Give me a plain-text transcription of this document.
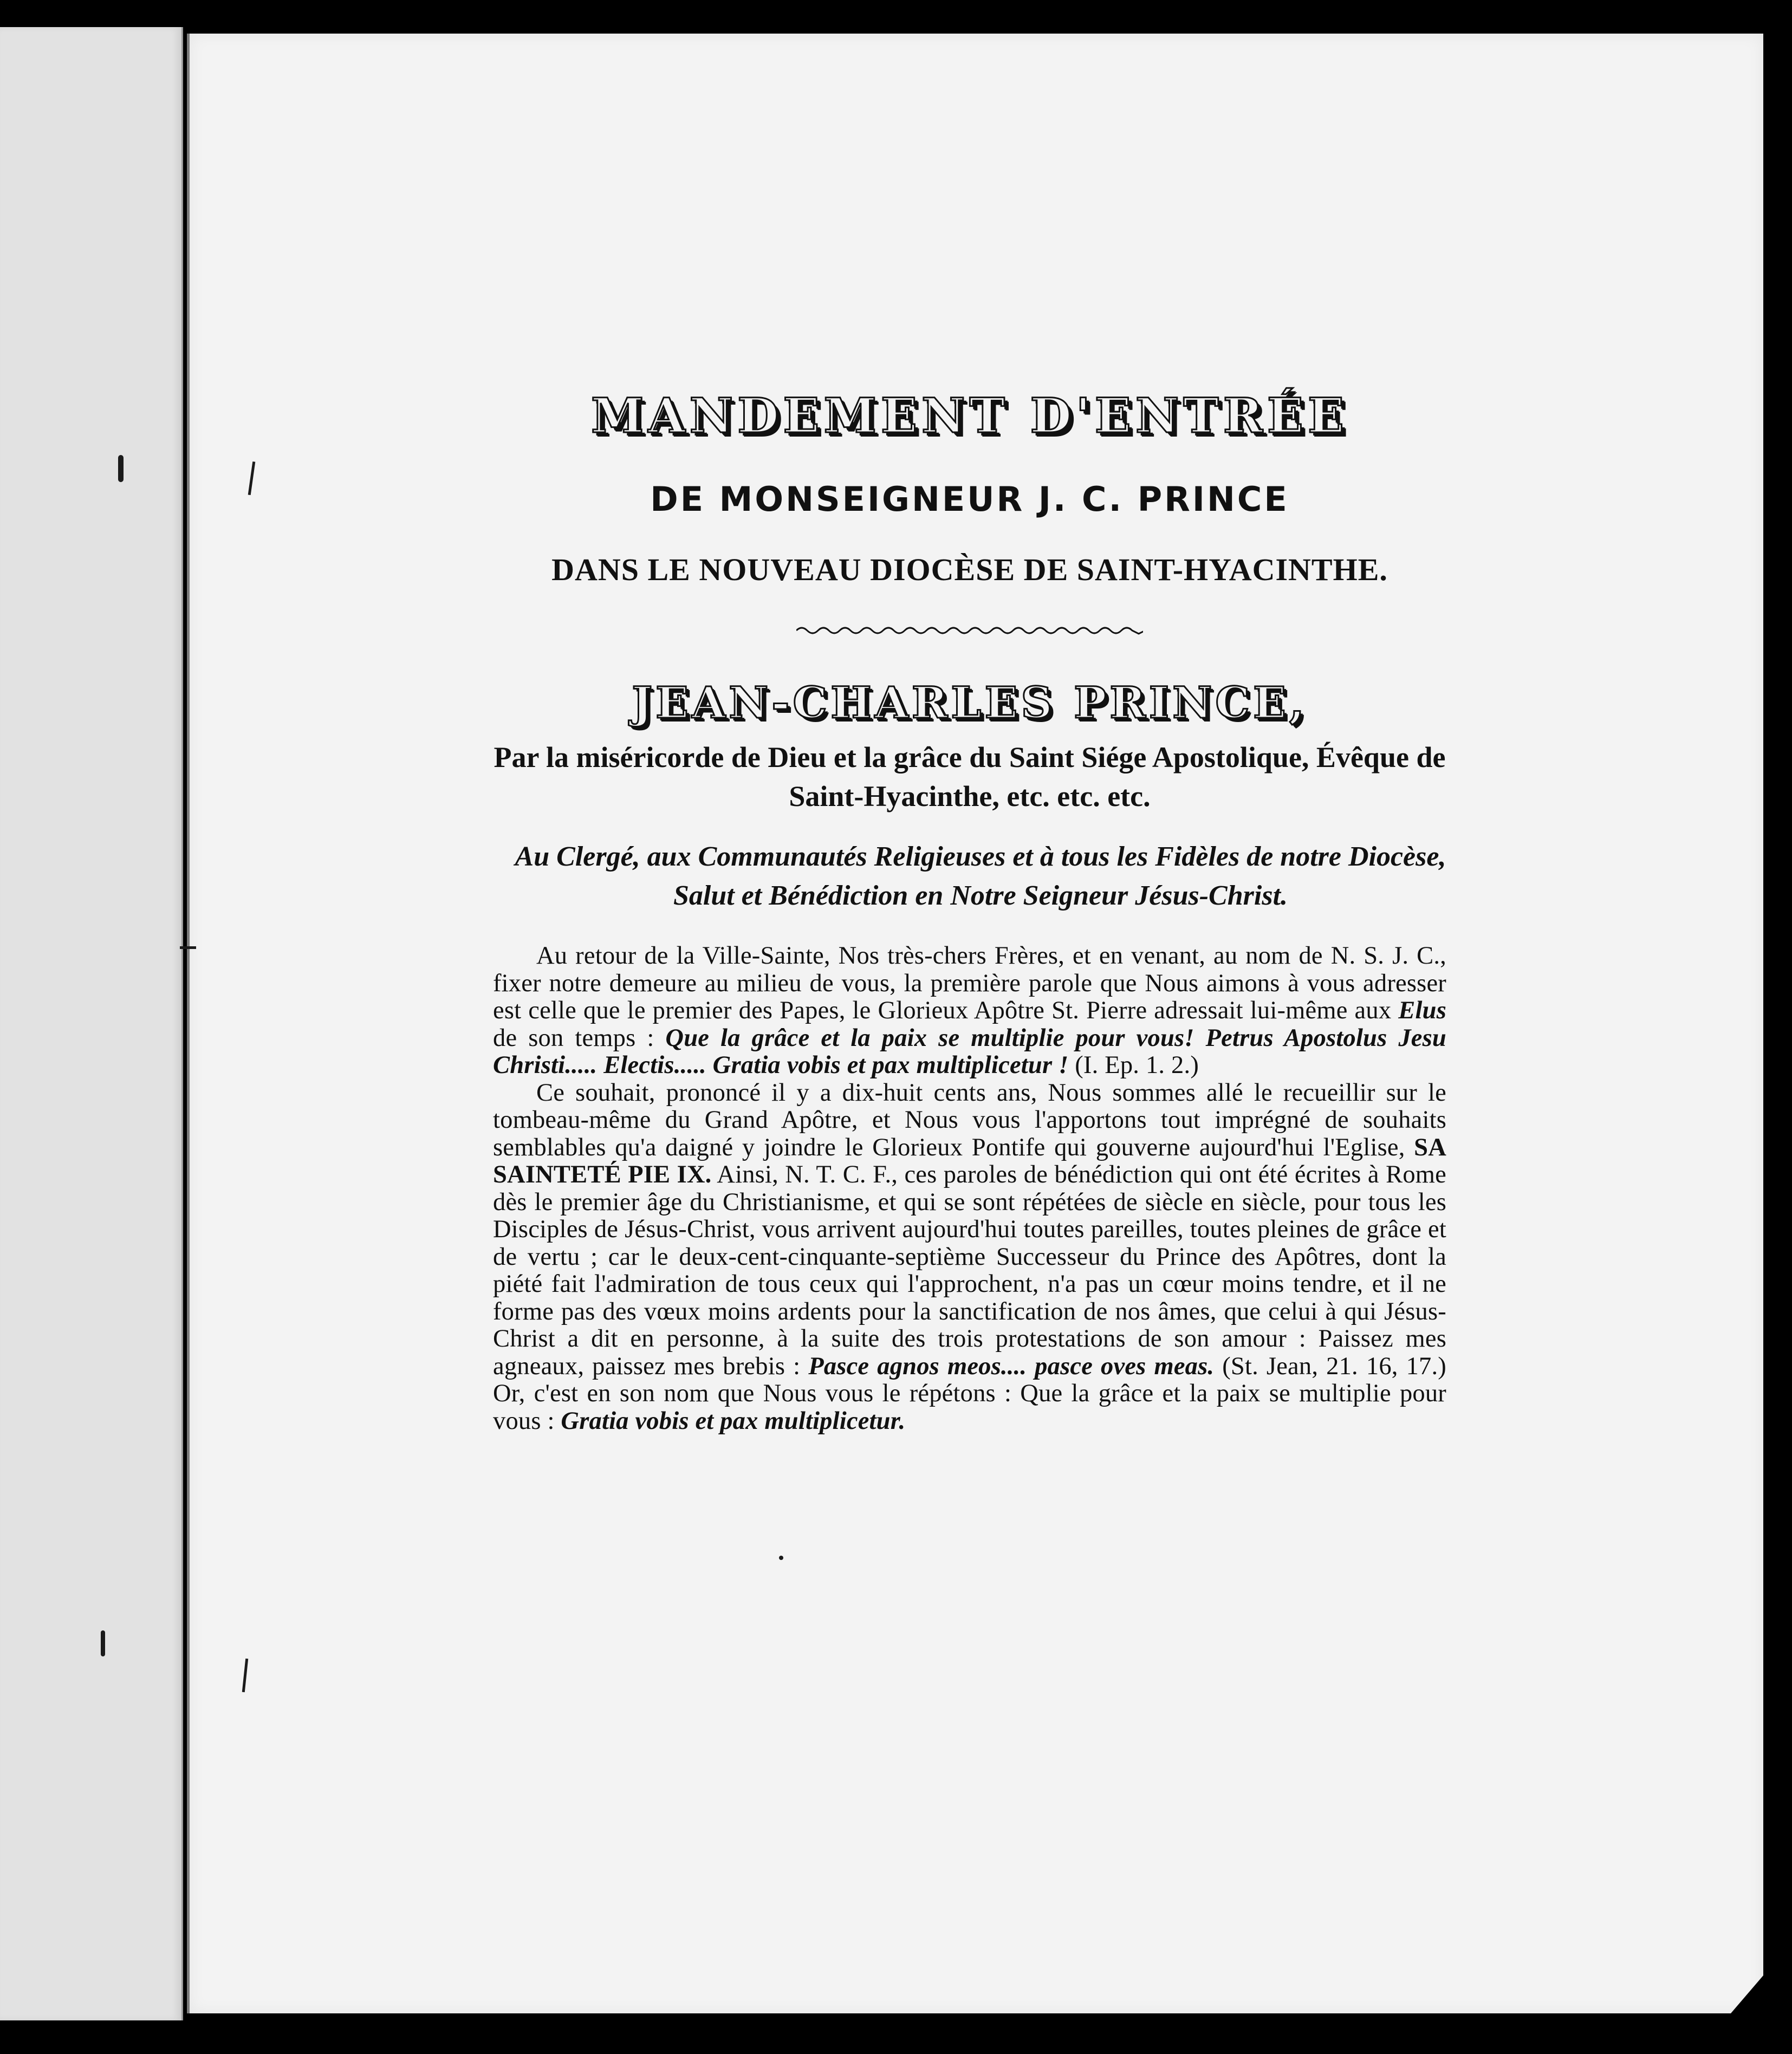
MANDEMENT D'ENTRÉE
DE MONSEIGNEUR J. C. PRINCE
DANS LE NOUVEAU DIOCÈSE DE SAINT-HYACINTHE.
JEAN-CHARLES PRINCE,
Par la miséricorde de Dieu et la grâce du Saint Siége Apostolique, Évêque de Saint-Hyacinthe, etc. etc. etc.
Au Clergé, aux Communautés Religieuses et à tous les Fidèles de notre Diocèse, Salut et Bénédiction en Notre Seigneur Jésus-Christ.

Au retour de la Ville-Sainte, Nos très-chers Frères, et en venant, au nom de N. S. J. C., fixer notre demeure au milieu de vous, la première parole que Nous aimons à vous adresser est celle que le premier des Papes, le Glorieux Apôtre St. Pierre adressait lui-même aux Elus de son temps : Que la grâce et la paix se multiplie pour vous! Petrus Apostolus Jesu Christi..... Electis..... Gratia vobis et pax multiplicetur ! (I. Ep. 1. 2.)

Ce souhait, prononcé il y a dix-huit cents ans, Nous sommes allé le recueillir sur le tombeau-même du Grand Apôtre, et Nous vous l'apportons tout imprégné de souhaits semblables qu'a daigné y joindre le Glorieux Pontife qui gouverne aujourd'hui l'Eglise, SA SAINTETÉ PIE IX. Ainsi, N. T. C. F., ces paroles de bénédiction qui ont été écrites à Rome dès le premier âge du Christianisme, et qui se sont répétées de siècle en siècle, pour tous les Disciples de Jésus-Christ, vous arrivent aujourd'hui toutes pareilles, toutes pleines de grâce et de vertu ; car le deux-cent-cinquante-septième Successeur du Prince des Apôtres, dont la piété fait l'admiration de tous ceux qui l'approchent, n'a pas un cœur moins tendre, et il ne forme pas des vœux moins ardents pour la sanctification de nos âmes, que celui à qui Jésus-Christ a dit en personne, à la suite des trois protestations de son amour : Paissez mes agneaux, paissez mes brebis : Pasce agnos meos.... pasce oves meas. (St. Jean, 21. 16, 17.) Or, c'est en son nom que Nous vous le répétons : Que la grâce et la paix se multiplie pour vous : Gratia vobis et pax multiplicetur.
